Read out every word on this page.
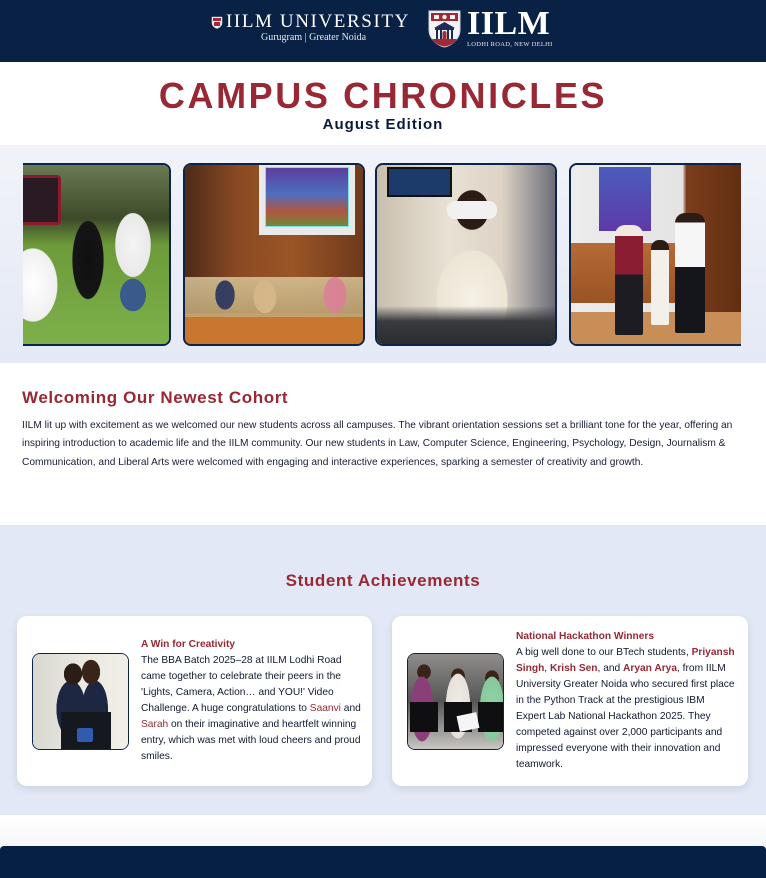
IILM UNIVERSITY
Gurugram | Greater Noida	IILM
LODHI ROAD, NEW DELHI
CAMPUS CHRONICLES
August Edition
Welcoming Our Newest Cohort

IILM lit up with excitement as we welcomed our new students across all campuses. The vibrant orientation sessions set a brilliant tone for the year, offering an inspiring introduction to academic life and the IILM community. Our new students in Law, Computer Science, Engineering, Psychology, Design, Journalism & Communication, and Liberal Arts were welcomed with engaging and interactive experiences, sparking a semester of creativity and growth.

Student Achievements
A Win for Creativity
The BBA Batch 2025–28 at IILM Lodhi Road came together to celebrate their peers in the 'Lights, Camera, Action… and YOU!' Video Challenge. A huge congratulations to Saanvi and Sarah on their imaginative and heartfelt winning entry, which was met with loud cheers and proud smiles.
National Hackathon Winners
A big well done to our BTech students, Priyansh Singh, Krish Sen, and Aryan Arya, from IILM University Greater Noida who secured first place in the Python Track at the prestigious IBM Expert Lab National Hackathon 2025. They competed against over 2,000 participants and impressed everyone with their innovation and teamwork.
